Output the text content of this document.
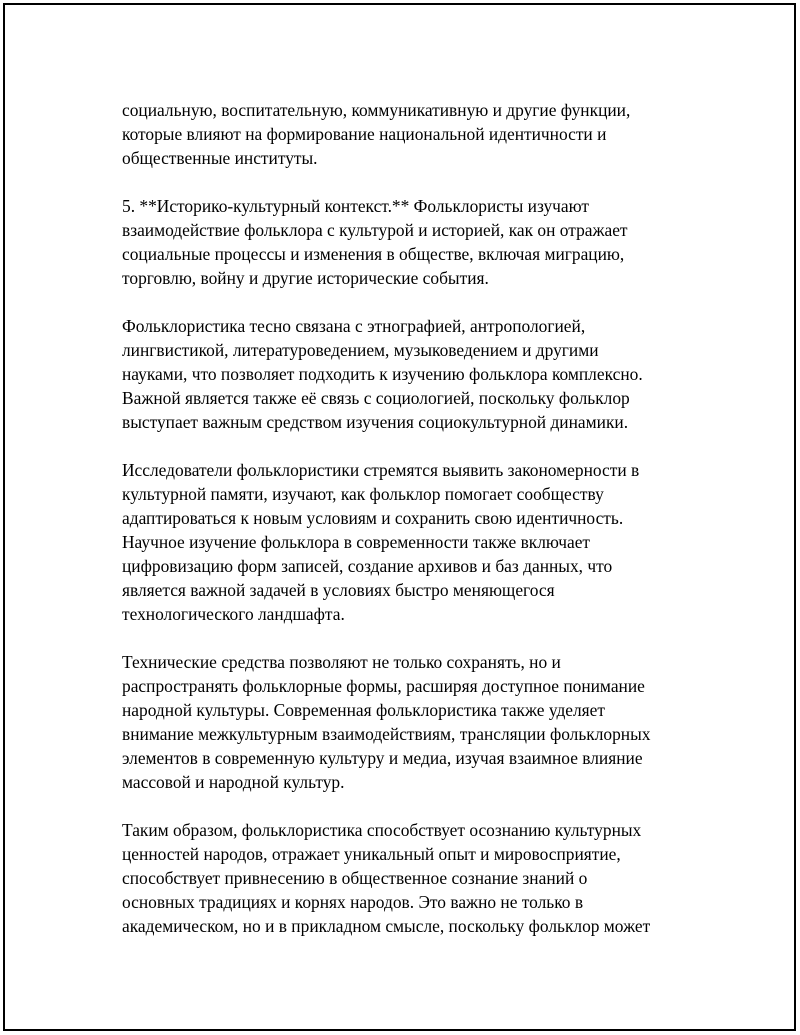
социальную, воспитательную, коммуникативную и другие функции,
которые влияют на формирование национальной идентичности и
общественные институты.

5. **Историко-культурный контекст.** Фольклористы изучают
взаимодействие фольклора с культурой и историей, как он отражает
социальные процессы и изменения в обществе, включая миграцию,
торговлю, войну и другие исторические события.

Фольклористика тесно связана с этнографией, антропологией,
лингвистикой, литературоведением, музыковедением и другими
науками, что позволяет подходить к изучению фольклора комплексно.
Важной является также её связь с социологией, поскольку фольклор
выступает важным средством изучения социокультурной динамики.

Исследователи фольклористики стремятся выявить закономерности в
культурной памяти, изучают, как фольклор помогает сообществу
адаптироваться к новым условиям и сохранить свою идентичность.
Научное изучение фольклора в современности также включает
цифровизацию форм записей, создание архивов и баз данных, что
является важной задачей в условиях быстро меняющегося
технологического ландшафта.

Технические средства позволяют не только сохранять, но и
распространять фольклорные формы, расширяя доступное понимание
народной культуры. Современная фольклористика также уделяет
внимание межкультурным взаимодействиям, трансляции фольклорных
элементов в современную культуру и медиа, изучая взаимное влияние
массовой и народной культур.

Таким образом, фольклористика способствует осознанию культурных
ценностей народов, отражает уникальный опыт и мировосприятие,
способствует привнесению в общественное сознание знаний о
основных традициях и корнях народов. Это важно не только в
академическом, но и в прикладном смысле, поскольку фольклор может
